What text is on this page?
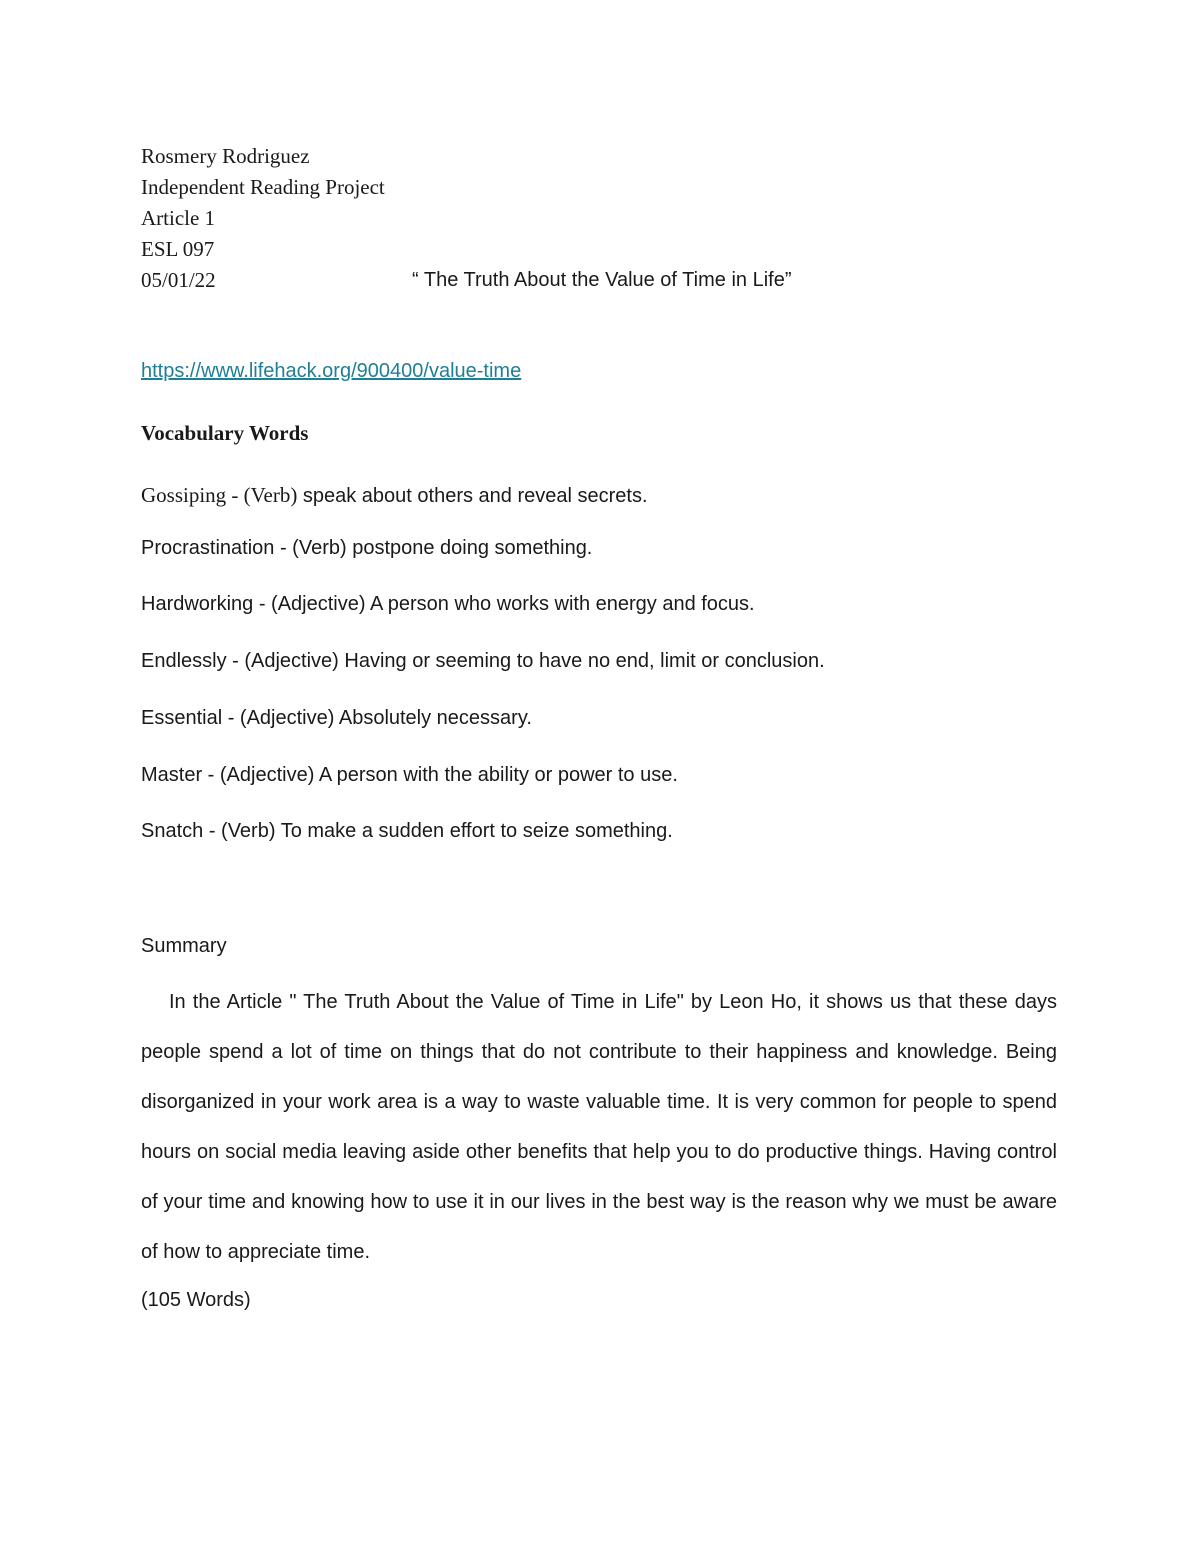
Rosmery Rodriguez
Independent Reading Project
Article 1
ESL 097
05/01/22	“ The Truth About the Value of Time in Life”
https://www.lifehack.org/900400/value-time
Vocabulary Words
Gossiping - (Verb) speak about others and reveal secrets.
Procrastination - (Verb) postpone doing something.
Hardworking - (Adjective) A person who works with energy and focus.
Endlessly - (Adjective) Having or seeming to have no end, limit or conclusion.
Essential - (Adjective) Absolutely necessary.
Master - (Adjective) A person with the ability or power to use.
Snatch - (Verb) To make a sudden effort to seize something.
Summary

In the Article " The Truth About the Value of Time in Life" by Leon Ho, it shows us that these days people spend a lot of time on things that do not contribute to their happiness and knowledge. Being disorganized in your work area is a way to waste valuable time. It is very common for people to spend hours on social media leaving aside other benefits that help you to do productive things. Having control of your time and knowing how to use it in our lives in the best way is the reason why we must be aware of how to appreciate time.

(105 Words)
